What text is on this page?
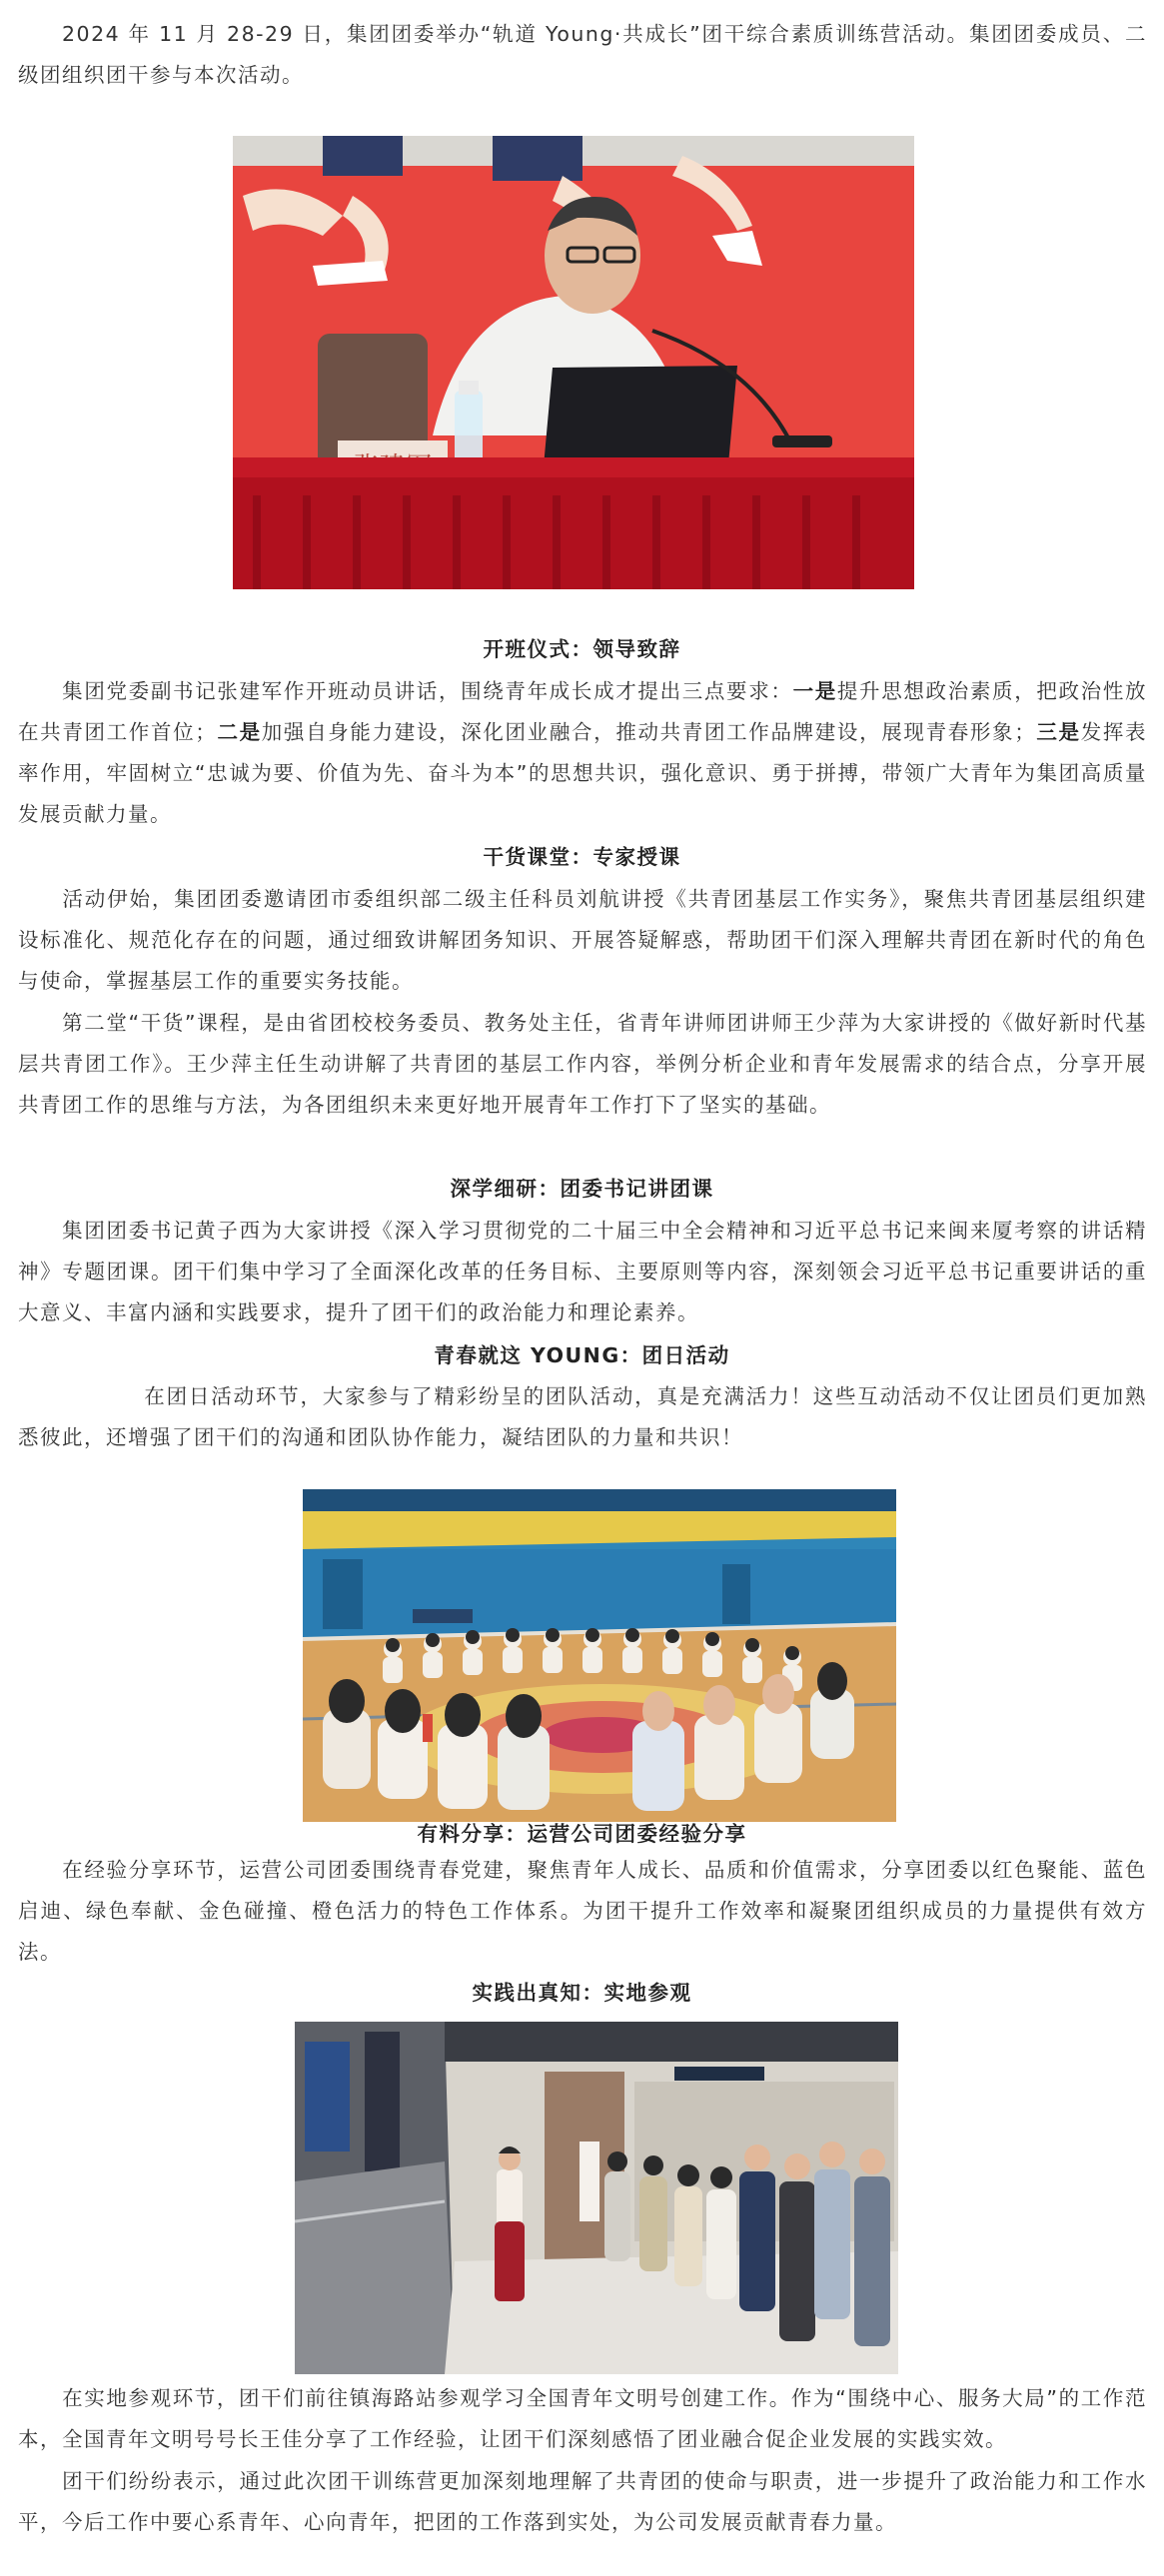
2024 年 11 月 28-29 日，集团团委举办“轨道 Young·共成长”团干综合素质训练营活动。集团团委成员、二级团组织团干参与本次活动。

开班仪式：领导致辞

集团党委副书记张建军作开班动员讲话，围绕青年成长成才提出三点要求：一是提升思想政治素质，把政治性放在共青团工作首位；二是加强自身能力建设，深化团业融合，推动共青团工作品牌建设，展现青春形象；三是发挥表率作用，牢固树立“忠诚为要、价值为先、奋斗为本”的思想共识，强化意识、勇于拼搏，带领广大青年为集团高质量发展贡献力量。

干货课堂：专家授课

活动伊始，集团团委邀请团市委组织部二级主任科员刘航讲授《共青团基层工作实务》，聚焦共青团基层组织建设标准化、规范化存在的问题，通过细致讲解团务知识、开展答疑解惑，帮助团干们深入理解共青团在新时代的角色与使命，掌握基层工作的重要实务技能。

第二堂“干货”课程，是由省团校校务委员、教务处主任，省青年讲师团讲师王少萍为大家讲授的《做好新时代基层共青团工作》。王少萍主任生动讲解了共青团的基层工作内容，举例分析企业和青年发展需求的结合点，分享开展共青团工作的思维与方法，为各团组织未来更好地开展青年工作打下了坚实的基础。

深学细研：团委书记讲团课

集团团委书记黄子西为大家讲授《深入学习贯彻党的二十届三中全会精神和习近平总书记来闽来厦考察的讲话精神》专题团课。团干们集中学习了全面深化改革的任务目标、主要原则等内容，深刻领会习近平总书记重要讲话的重大意义、丰富内涵和实践要求，提升了团干们的政治能力和理论素养。

青春就这 YOUNG：团日活动

在团日活动环节，大家参与了精彩纷呈的团队活动，真是充满活力！这些互动活动不仅让团员们更加熟悉彼此，还增强了团干们的沟通和团队协作能力，凝结团队的力量和共识！

有料分享：运营公司团委经验分享

在经验分享环节，运营公司团委围绕青春党建，聚焦青年人成长、品质和价值需求，分享团委以红色聚能、蓝色启迪、绿色奉献、金色碰撞、橙色活力的特色工作体系。为团干提升工作效率和凝聚团组织成员的力量提供有效方法。

实践出真知：实地参观

在实地参观环节，团干们前往镇海路站参观学习全国青年文明号创建工作。作为“围绕中心、服务大局”的工作范本，全国青年文明号号长王佳分享了工作经验，让团干们深刻感悟了团业融合促企业发展的实践实效。

团干们纷纷表示，通过此次团干训练营更加深刻地理解了共青团的使命与职责，进一步提升了政治能力和工作水平，今后工作中要心系青年、心向青年，把团的工作落到实处，为公司发展贡献青春力量。
